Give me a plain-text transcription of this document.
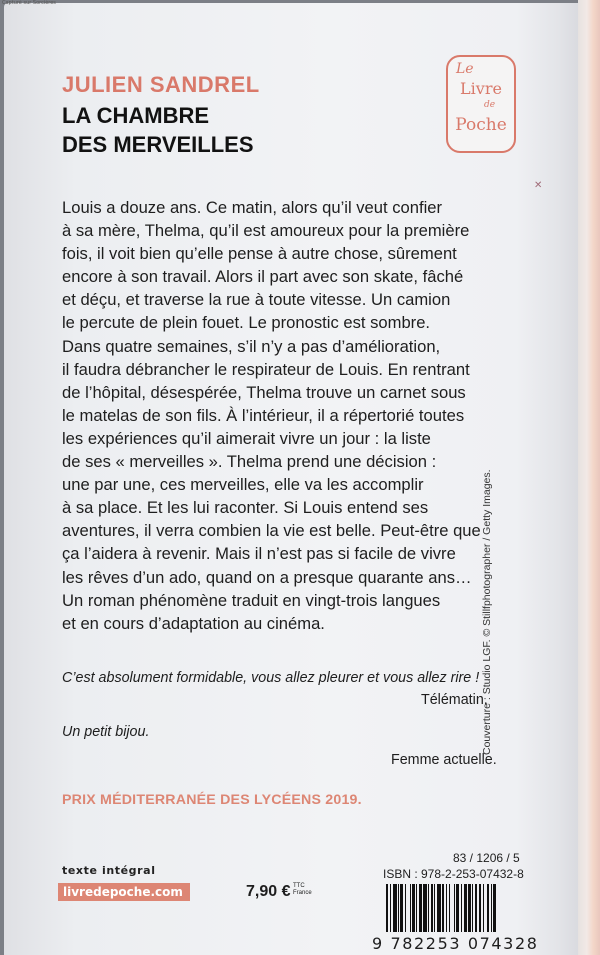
Capturé sur Sorcières
JULIEN SANDREL
LA CHAMBRE
DES MERVEILLES
Le
Livre
de
Poche
✕
Louis a douze ans. Ce matin, alors qu’il veut confier
à sa mère, Thelma, qu’il est amoureux pour la première
fois, il voit bien qu’elle pense à autre chose, sûrement
encore à son travail. Alors il part avec son skate, fâché
et déçu, et traverse la rue à toute vitesse. Un camion
le percute de plein fouet. Le pronostic est sombre.
Dans quatre semaines, s’il n’y a pas d’amélioration,
il faudra débrancher le respirateur de Louis. En rentrant
de l’hôpital, désespérée, Thelma trouve un carnet sous
le matelas de son fils. À l’intérieur, il a répertorié toutes
les expériences qu’il aimerait vivre un jour : la liste
de ses « merveilles ». Thelma prend une décision :
une par une, ces merveilles, elle va les accomplir
à sa place. Et les lui raconter. Si Louis entend ses
aventures, il verra combien la vie est belle. Peut-être que
ça l’aidera à revenir. Mais il n’est pas si facile de vivre
les rêves d’un ado, quand on a presque quarante ans…
Un roman phénomène traduit en vingt-trois langues
et en cours d’adaptation au cinéma.
C’est absolument formidable, vous allez pleurer et vous allez rire !
Télématin.
Un petit bijou.
Femme actuelle.
PRIX MÉDITERRANÉE DES LYCÉENS 2019.
texte intégral
livredepoche.com	7,90 € TTC
France
83 / 1206 / 5
ISBN : 978-2-253-07432-8
9 782253 074328
Couverture : Studio LGF. © Stillfphotographer / Getty Images.
